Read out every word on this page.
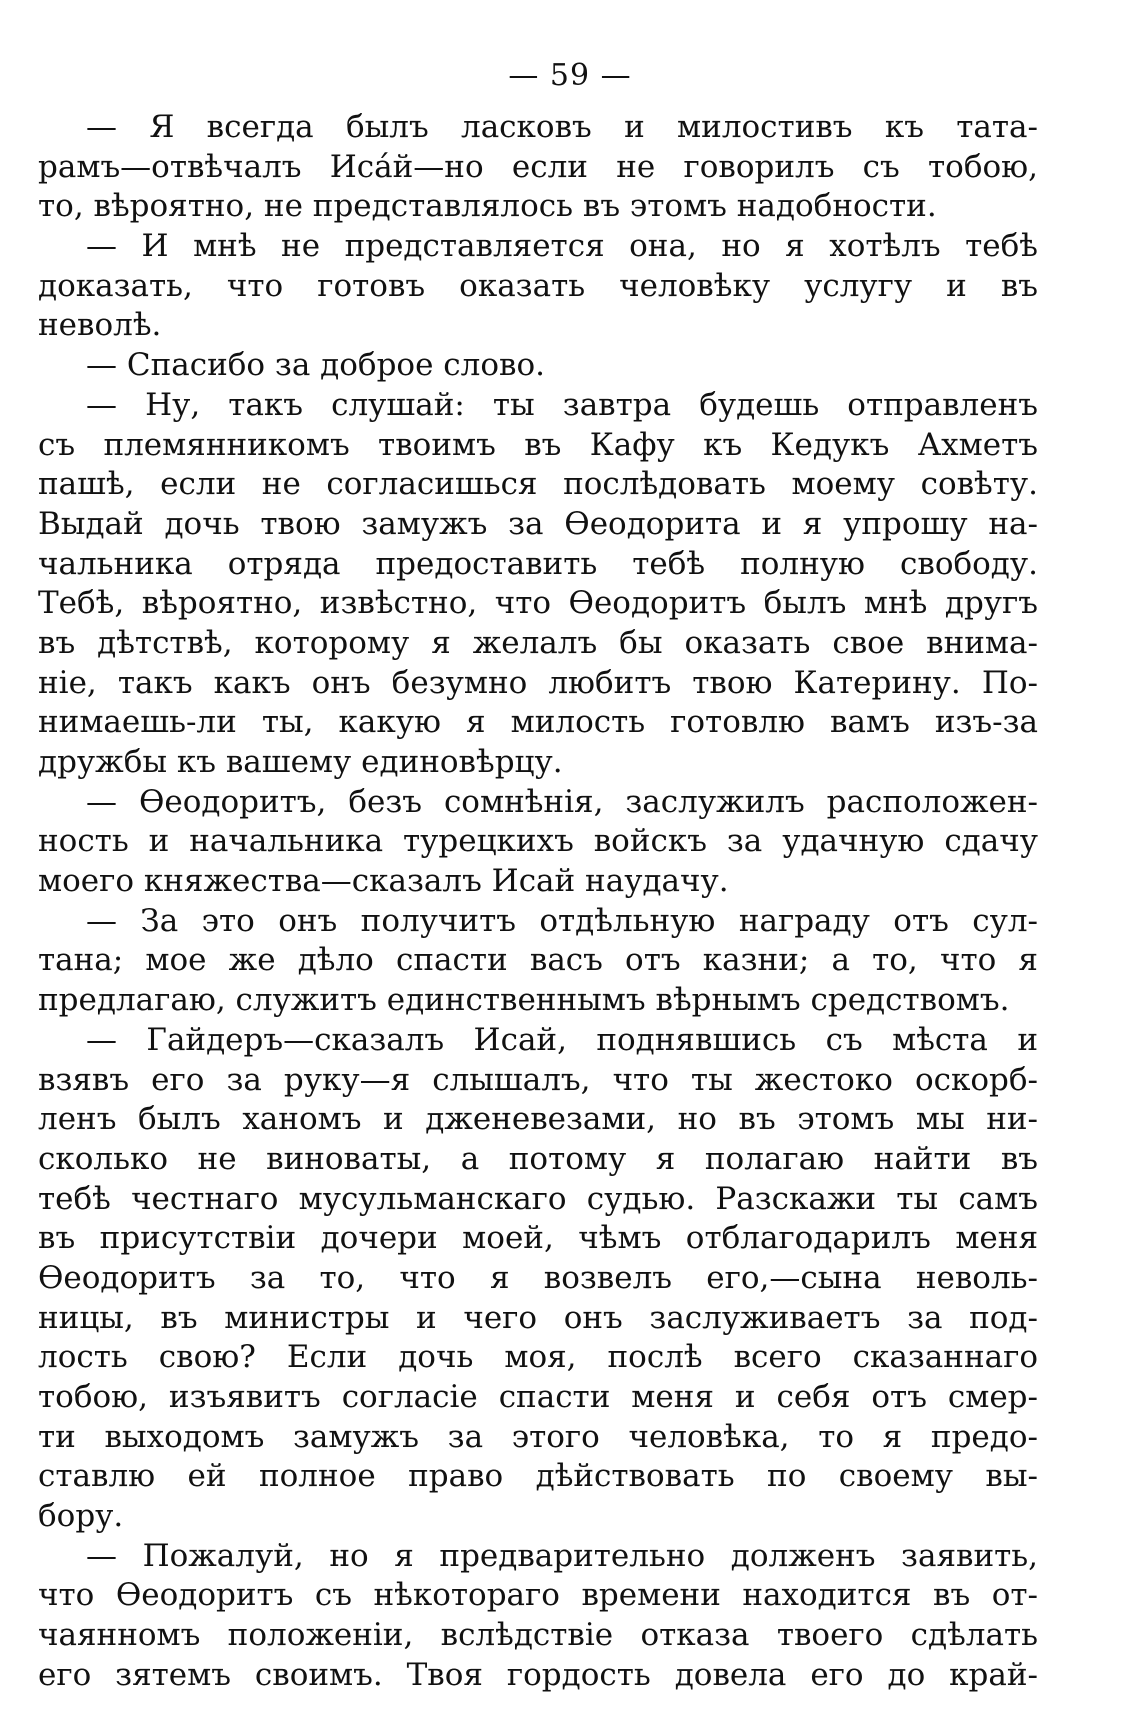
— 59 —
— Я всегда былъ ласковъ и милостивъ къ тата-
рамъ—отвѣчалъ Исáй—но если не говорилъ съ тобою,
то, вѣроятно, не представлялось въ этомъ надобности.
— И мнѣ не представляется она, но я хотѣлъ тебѣ
доказать, что готовъ оказать человѣку услугу и въ
неволѣ.
— Спасибо за доброе слово.
— Ну, такъ слушай: ты завтра будешь отправленъ
съ племянникомъ твоимъ въ Кафу къ Кедукъ Ахметъ
пашѣ, если не согласишься послѣдовать моему совѣту.
Выдай дочь твою замужъ за Ѳеодорита и я упрошу на-
чальника отряда предоставить тебѣ полную свободу.
Тебѣ, вѣроятно, извѣстно, что Ѳеодоритъ былъ мнѣ другъ
въ дѣтствѣ, которому я желалъ бы оказать свое внима-
нiе, такъ какъ онъ безумно любитъ твою Катерину. По-
нимаешь-ли ты, какую я милость готовлю вамъ изъ-за
дружбы къ вашему единовѣрцу.
— Ѳеодоритъ, безъ сомнѣнiя, заслужилъ расположен-
ность и начальника турецкихъ войскъ за удачную сдачу
моего княжества—сказалъ Исай наудачу.
— За это онъ получитъ отдѣльную награду отъ сул-
тана; мое же дѣло спасти васъ отъ казни; а то, что я
предлагаю, служитъ единственнымъ вѣрнымъ средствомъ.
— Гайдеръ—сказалъ Исай, поднявшись съ мѣста и
взявъ его за руку—я слышалъ, что ты жестоко оскорб-
ленъ былъ ханомъ и дженевезами, но въ этомъ мы ни-
сколько не виноваты, а потому я полагаю найти въ
тебѣ честнаго мусульманскаго судью. Разскажи ты самъ
въ присутствiи дочери моей, чѣмъ отблагодарилъ меня
Ѳеодоритъ за то, что я возвелъ его,—сына неволь-
ницы, въ министры и чего онъ заслуживаетъ за под-
лость свою? Если дочь моя, послѣ всего сказаннаго
тобою, изъявитъ согласiе спасти меня и себя отъ смер-
ти выходомъ замужъ за этого человѣка, то я предо-
ставлю ей полное право дѣйствовать по своему вы-
бору.
— Пожалуй, но я предварительно долженъ заявить,
что Ѳеодоритъ съ нѣкотораго времени находится въ от-
чаянномъ положенiи, вслѣдствiе отказа твоего сдѣлать
его зятемъ своимъ. Твоя гордость довела его до край-
